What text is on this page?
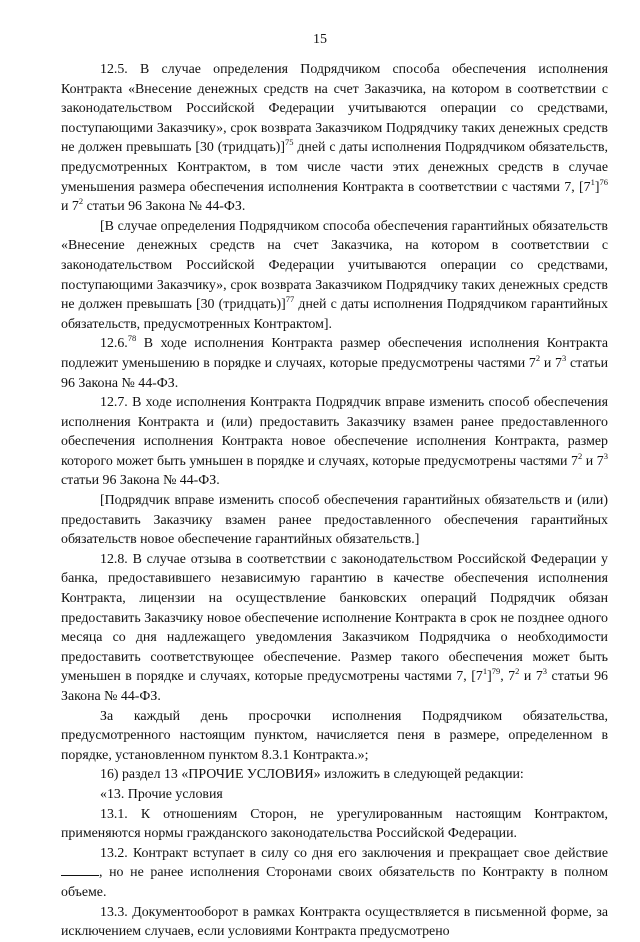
15

12.5. В случае определения Подрядчиком способа обеспечения исполнения Контракта «Внесение денежных средств на счет Заказчика, на котором в соответствии с законодательством Российской Федерации учитываются операции со средствами, поступающими Заказчику», срок возврата Заказчиком Подрядчику таких денежных средств не должен превышать [30 (тридцать)]$^{75}$ дней с даты исполнения Подрядчиком обязательств, предусмотренных Контрактом, в том числе части этих денежных средств в случае уменьшения размера обеспечения исполнения Контракта в соответствии с частями 7, $[7^1]^{76}$ и $7^2$ статьи 96 Закона № 44-ФЗ.

[В случае определения Подрядчиком способа обеспечения гарантийных обязательств «Внесение денежных средств на счет Заказчика, на котором в соответствии с законодательством Российской Федерации учитываются операции со средствами, поступающими Заказчику», срок возврата Заказчиком Подрядчику таких денежных средств не должен превышать [30 (тридцать)]$^{77}$ дней с даты исполнения Подрядчиком гарантийных обязательств, предусмотренных Контрактом].

12.6.78 В ходе исполнения Контракта размер обеспечения исполнения Контракта подлежит уменьшению в порядке и случаях, которые предусмотрены частями $7^2$ и $7^3$ статьи 96 Закона № 44-ФЗ.

12.7. В ходе исполнения Контракта Подрядчик вправе изменить способ обеспечения исполнения Контракта и (или) предоставить Заказчику взамен ранее предоставленного обеспечения исполнения Контракта новое обеспечение исполнения Контракта, размер которого может быть умньшен в порядке и случаях, которые предусмотрены частями $7^2$ и $7^3$ статьи 96 Закона № 44-ФЗ.

[Подрядчик вправе изменить способ обеспечения гарантийных обязательств и (или) предоставить Заказчику взамен ранее предоставленного обеспечения гарантийных обязательств новое обеспечение гарантийных обязательств.]

12.8. В случае отзыва в соответствии с законодательством Российской Федерации у банка, предоставившего независимую гарантию в качестве обеспечения исполнения Контракта, лицензии на осуществление банковских операций Подрядчик обязан предоставить Заказчику новое обеспечение исполнение Контракта в срок не позднее одного месяца со дня надлежащего уведомления Заказчиком Подрядчика о необходимости предоставить соответствующее обеспечение. Размер такого обеспечения может быть уменьшен в порядке и случаях, которые предусмотрены частями 7, $[7^1]^{79}$, $7^2$ и $7^3$ статьи 96 Закона № 44-ФЗ.

За каждый день просрочки исполнения Подрядчиком обязательства, предусмотренного настоящим пунктом, начисляется пеня в размере, определенном в порядке, установленном пунктом 8.3.1 Контракта.»;

16) раздел 13 «ПРОЧИЕ УСЛОВИЯ» изложить в следующей редакции:

«13. Прочие условия

13.1. К отношениям Сторон, не урегулированным настоящим Контрактом, применяются нормы гражданского законодательства Российской Федерации.

13.2. Контракт вступает в силу со дня его заключения и прекращает свое действие , но не ранее исполнения Сторонами своих обязательств по Контракту в полном объеме.

13.3. Документооборот в рамках Контракта осуществляется в письменной форме, за исключением случаев, если условиями Контракта предусмотрено
